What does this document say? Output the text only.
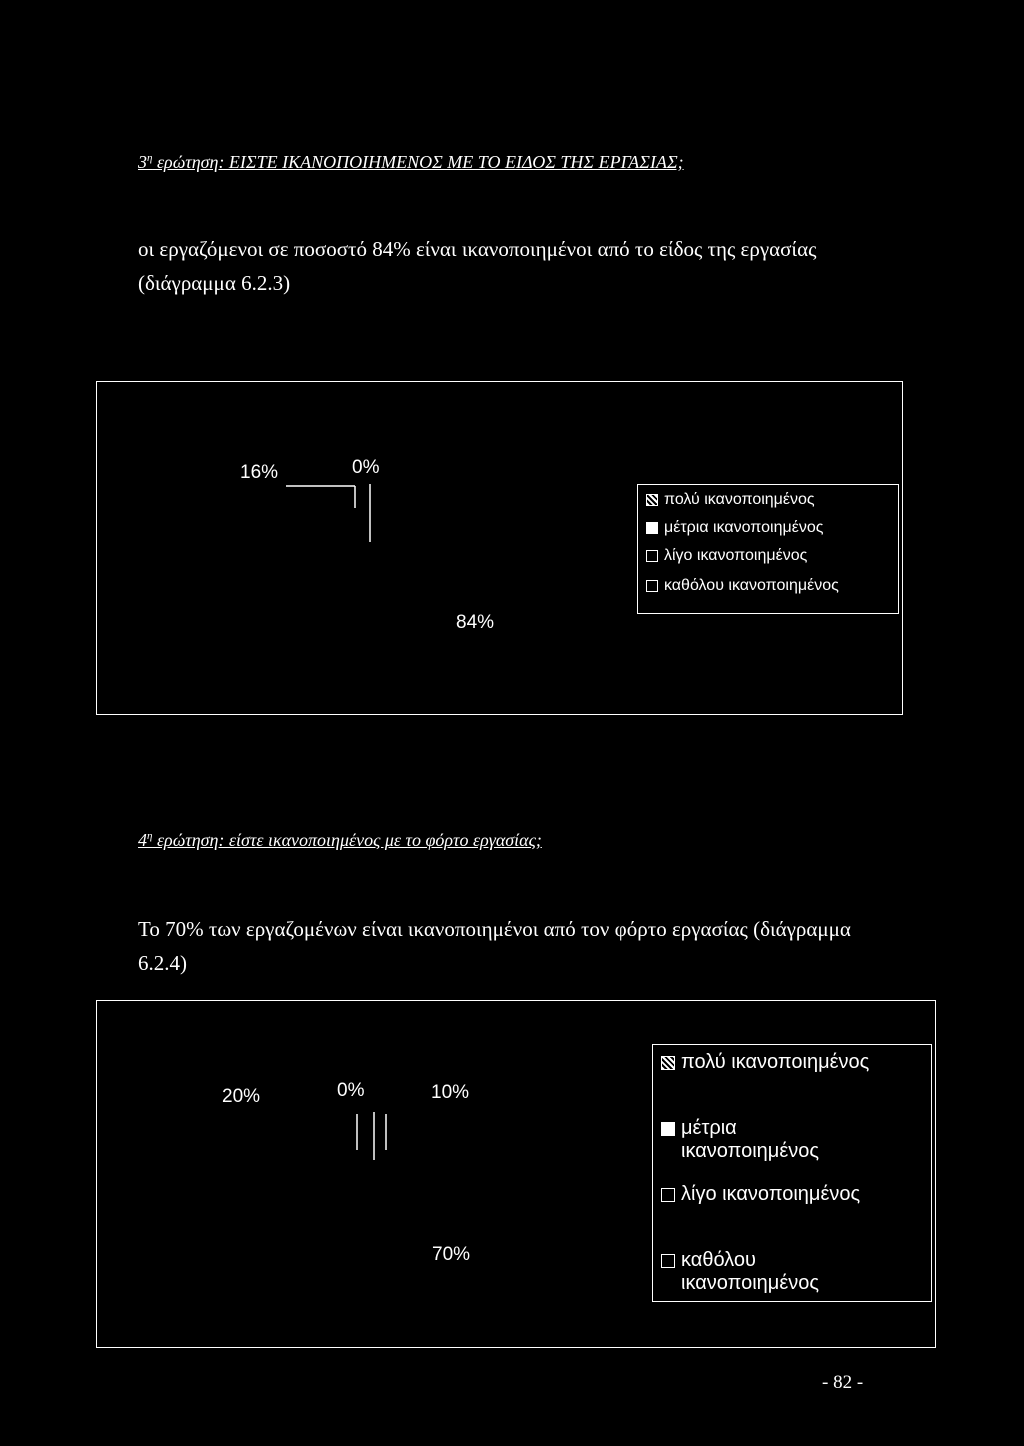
$3^\eta$ ερώτηση: ΕΙΣΤΕ ΙΚΑΝΟΠΟΙΗΜΕΝΟΣ ΜΕ ΤΟ ΕΙΔΟΣ ΤΗΣ ΕΡΓΑΣΙΑΣ;

οι εργαζόμενοι σε ποσοστό 84% είναι ικανοποιημένοι από το είδος της εργασίας (διάγραμμα 6.2.3)

16%	0%
84%
πολύ ικανοποιημένος
μέτρια ικανοποιημένος
λίγο ικανοποιημένος
καθόλου ικανοποιημένος
$4^\eta$ ερώτηση: είστε ικανοποιημένος με το φόρτο εργασίας;

Το 70% των εργαζομένων είναι ικανοποιημένοι από τον φόρτο εργασίας (διάγραμμα 6.2.4)

20%	0%	10%
70%
πολύ ικανοποιημένος
μέτρια ικανοποιημένος
λίγο ικανοποιημένος
καθόλου ικανοποιημένος
- 82 -
